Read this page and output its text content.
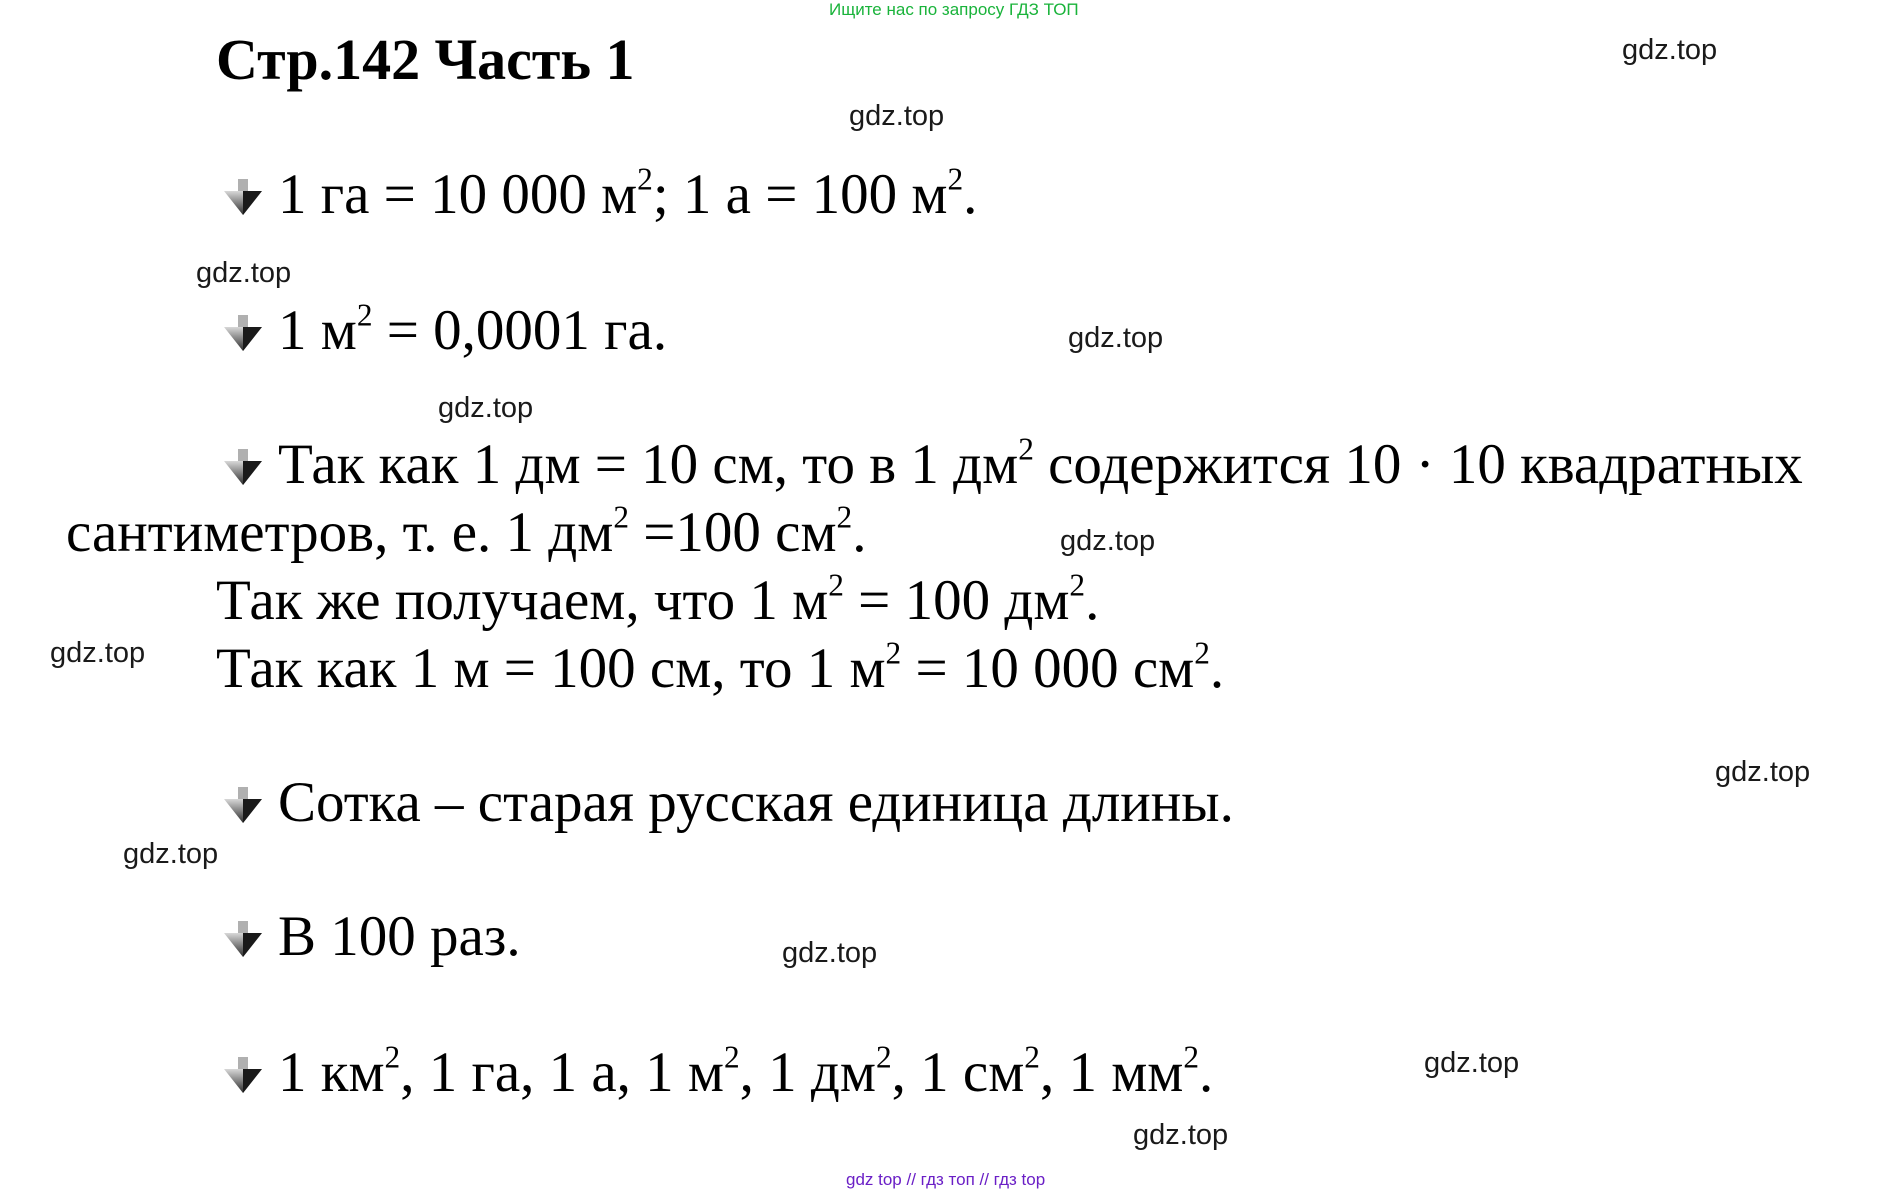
Ищите нас по запросу ГДЗ ТОП
Стр.142 Часть 1	gdz.top
gdz.top
gdz.top
gdz.top
gdz.top
gdz.top
gdz.top
gdz.top
gdz.top
gdz.top
gdz.top
gdz.top
1 га = 10 000 $м^2$; 1 а = 100 $м^2$.
1 $м^2 = 0,0001$ га.
Так как 1 дм = 10 см, то в 1 $дм^2$ содержится 10 · 10 квадратных
сантиметров, т. е. 1 $дм^2 =100$ $см^2$.
Так же получаем, что 1 $м^2 = 100$ $дм^2$.
Так как 1 м = 100 см, то 1 $м^2 = 10$ 000 $см^2$.
Сотка – старая русская единица длины.
В 100 раз.
1 $км^2$, 1 га, 1 а, 1 $м^2$, 1 $дм^2$, 1 $см^2$, 1 $мм^2$.
gdz top // гдз топ // гдз top
